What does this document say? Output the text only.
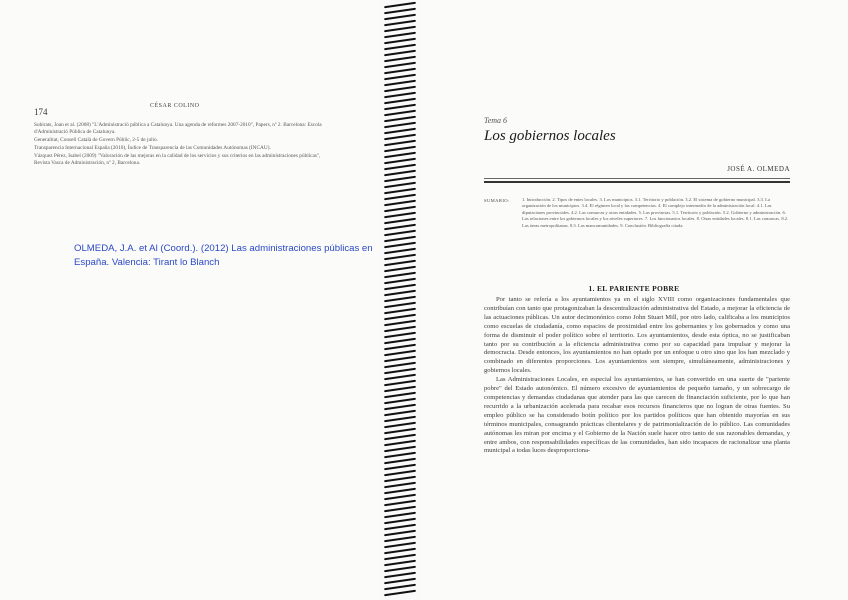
174
CÉSAR COLINO

Subirats, Joan et al. (2008) "L'Administració pública a Catalunya. Una agenda de reformes 2007-2010", Papers, nº 2. Barcelona: Escola d'Administració Pública de Catalunya.

Generalitat, Consell Català de Govern Públic, 2-5 de julio.

Transparencia Internacional España (2010), Índice de Transparencia de las Comunidades Autónomas (INCAU).

Vázquez Pérez, Isabel (2009) "Valoración de las mejoras en la calidad de los servicios y sus criterios en las administraciones públicas", Revista Vasca de Administración, nº 2, Barcelona.

OLMEDA, J.A. et Al (Coord.). (2012) Las administraciones públicas en España. Valencia: Tirant lo Blanch
Tema 6
Los gobiernos locales
JOSÉ A. OLMEDA
SUMARIO:	1. Introducción. 2. Tipos de entes locales. 3. Los municipios. 3.1. Territorio y población. 3.2. El sistema de gobierno municipal. 3.3. La organización de los municipios. 3.4. El régimen local y las competencias. 4. El complejo intermedio de la administración local. 4.1. Las diputaciones provinciales. 4.2. Las comarcas y otras entidades. 5. Las provincias. 5.1. Territorio y población. 5.2. Gobierno y administración. 6. Las relaciones entre los gobiernos locales y los niveles superiores. 7. Los funcionarios locales. 8. Otras entidades locales. 8.1. Las comarcas. 8.2. Las áreas metropolitanas. 8.3. Las mancomunidades. 9. Conclusión. Bibliografía citada.
1. EL PARIENTE POBRE

Por tanto se refería a los ayuntamientos ya en el siglo XVIII como organizaciones fundamentales que contribuían con tanto que protagonizaban la descentralización administrativa del Estado, a mejorar la eficiencia de las actuaciones públicas. Un autor decimonónico como John Stuart Mill, por otro lado, calificaba a los municipios como escuelas de ciudadanía, como espacios de proximidad entre los gobernantes y los gobernados y como una forma de disminuir el poder político sobre el territorio. Los ayuntamientos, desde esta óptica, no se justificaban tanto por su contribución a la eficiencia administrativa como por su capacidad para impulsar y mejorar la democracia. Desde entonces, los ayuntamientos no han optado por un enfoque u otro sino que los han mezclado y combinado en diferentes proporciones. Los ayuntamientos son siempre, simultáneamente, administraciones y gobiernos locales.

Las Administraciones Locales, en especial los ayuntamientos, se han convertido en una suerte de "pariente pobre" del Estado autonómico. El número excesivo de ayuntamientos de pequeño tamaño, y un sobrecargo de competencias y demandas ciudadanas que atender para las que carecen de financiación suficiente, por lo que han recurrido a la urbanización acelerada para recabar esos recursos financieros que no logran de otras fuentes. Su empleo público se ha considerado botín político por los partidos políticos que han obtenido mayorías en sus términos municipales, consagrando prácticas clientelares y de patrimonialización de lo público. Las comunidades autónomas les miran por encima y el Gobierno de la Nación suele hacer otro tanto de sus razonables demandas, y entre ambos, con responsabilidades específicas de las comunidades, han sido incapaces de racionalizar una planta municipal a todas luces desproporciona-
